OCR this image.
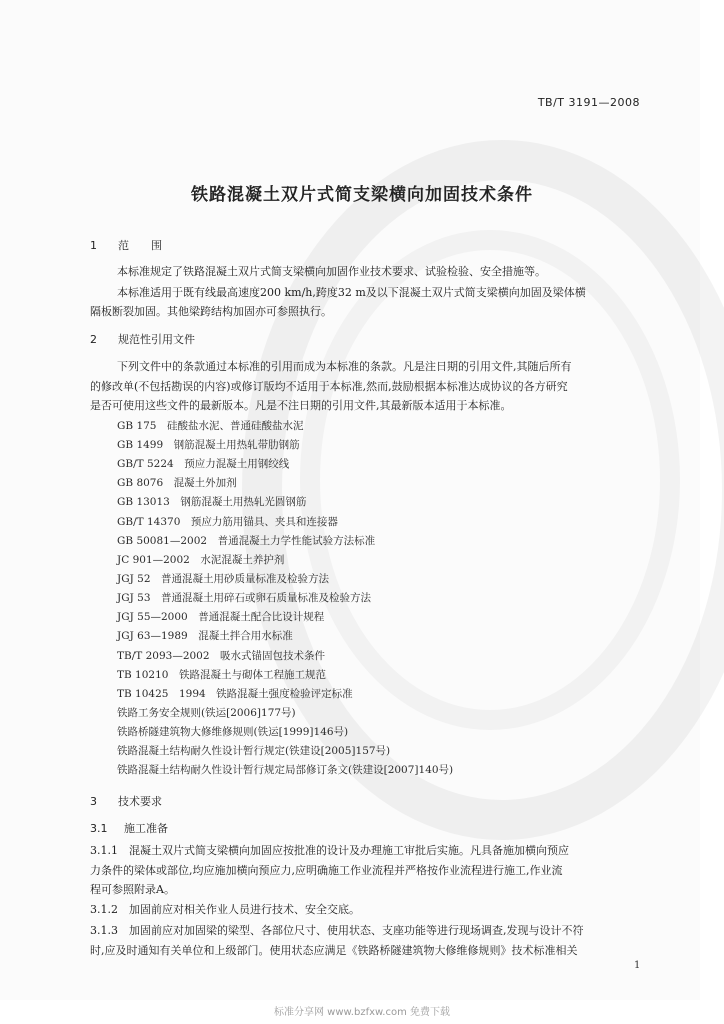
TB/T 3191—2008
铁路混凝土双片式简支梁横向加固技术条件
1 范　　围
本标准规定了铁路混凝土双片式简支梁横向加固作业技术要求、试验检验、安全措施等。
本标准适用于既有线最高速度200 km/h,跨度32 m及以下混凝土双片式简支梁横向加固及梁体横
隔板断裂加固。其他梁跨结构加固亦可参照执行。
2 规范性引用文件
下列文件中的条款通过本标准的引用而成为本标准的条款。凡是注日期的引用文件,其随后所有
的修改单(不包括勘误的内容)或修订版均不适用于本标准,然而,鼓励根据本标准达成协议的各方研究
是否可使用这些文件的最新版本。凡是不注日期的引用文件,其最新版本适用于本标准。
GB 175　硅酸盐水泥、普通硅酸盐水泥
GB 1499　钢筋混凝土用热轧带肋钢筋
GB/T 5224　预应力混凝土用钢绞线
GB 8076　混凝土外加剂
GB 13013　钢筋混凝土用热轧光圆钢筋
GB/T 14370　预应力筋用锚具、夹具和连接器
GB 50081—2002　普通混凝土力学性能试验方法标准
JC 901—2002　水泥混凝土养护剂
JGJ 52　普通混凝土用砂质量标准及检验方法
JGJ 53　普通混凝土用碎石或卵石质量标准及检验方法
JGJ 55—2000　普通混凝土配合比设计规程
JGJ 63—1989　混凝土拌合用水标准
TB/T 2093—2002　吸水式锚固包技术条件
TB 10210　铁路混凝土与砌体工程施工规范
TB 10425　1994　铁路混凝土强度检验评定标准
铁路工务安全规则(铁运[2006]177号)
铁路桥隧建筑物大修维修规则(铁运[1999]146号)
铁路混凝土结构耐久性设计暂行规定(铁建设[2005]157号)
铁路混凝土结构耐久性设计暂行规定局部修订条文(铁建设[2007]140号)
3 技术要求
3.1 施工准备
3.1.1　混凝土双片式简支梁横向加固应按批准的设计及办理施工审批后实施。凡具备施加横向预应
力条件的梁体或部位,均应施加横向预应力,应明确施工作业流程并严格按作业流程进行施工,作业流
程可参照附录A。
3.1.2　加固前应对相关作业人员进行技术、安全交底。
3.1.3　加固前应对加固梁的梁型、各部位尺寸、使用状态、支座功能等进行现场调查,发现与设计不符
时,应及时通知有关单位和上级部门。使用状态应满足《铁路桥隧建筑物大修维修规则》技术标准相关
1
标准分享网 www.bzfxw.com 免费下载
